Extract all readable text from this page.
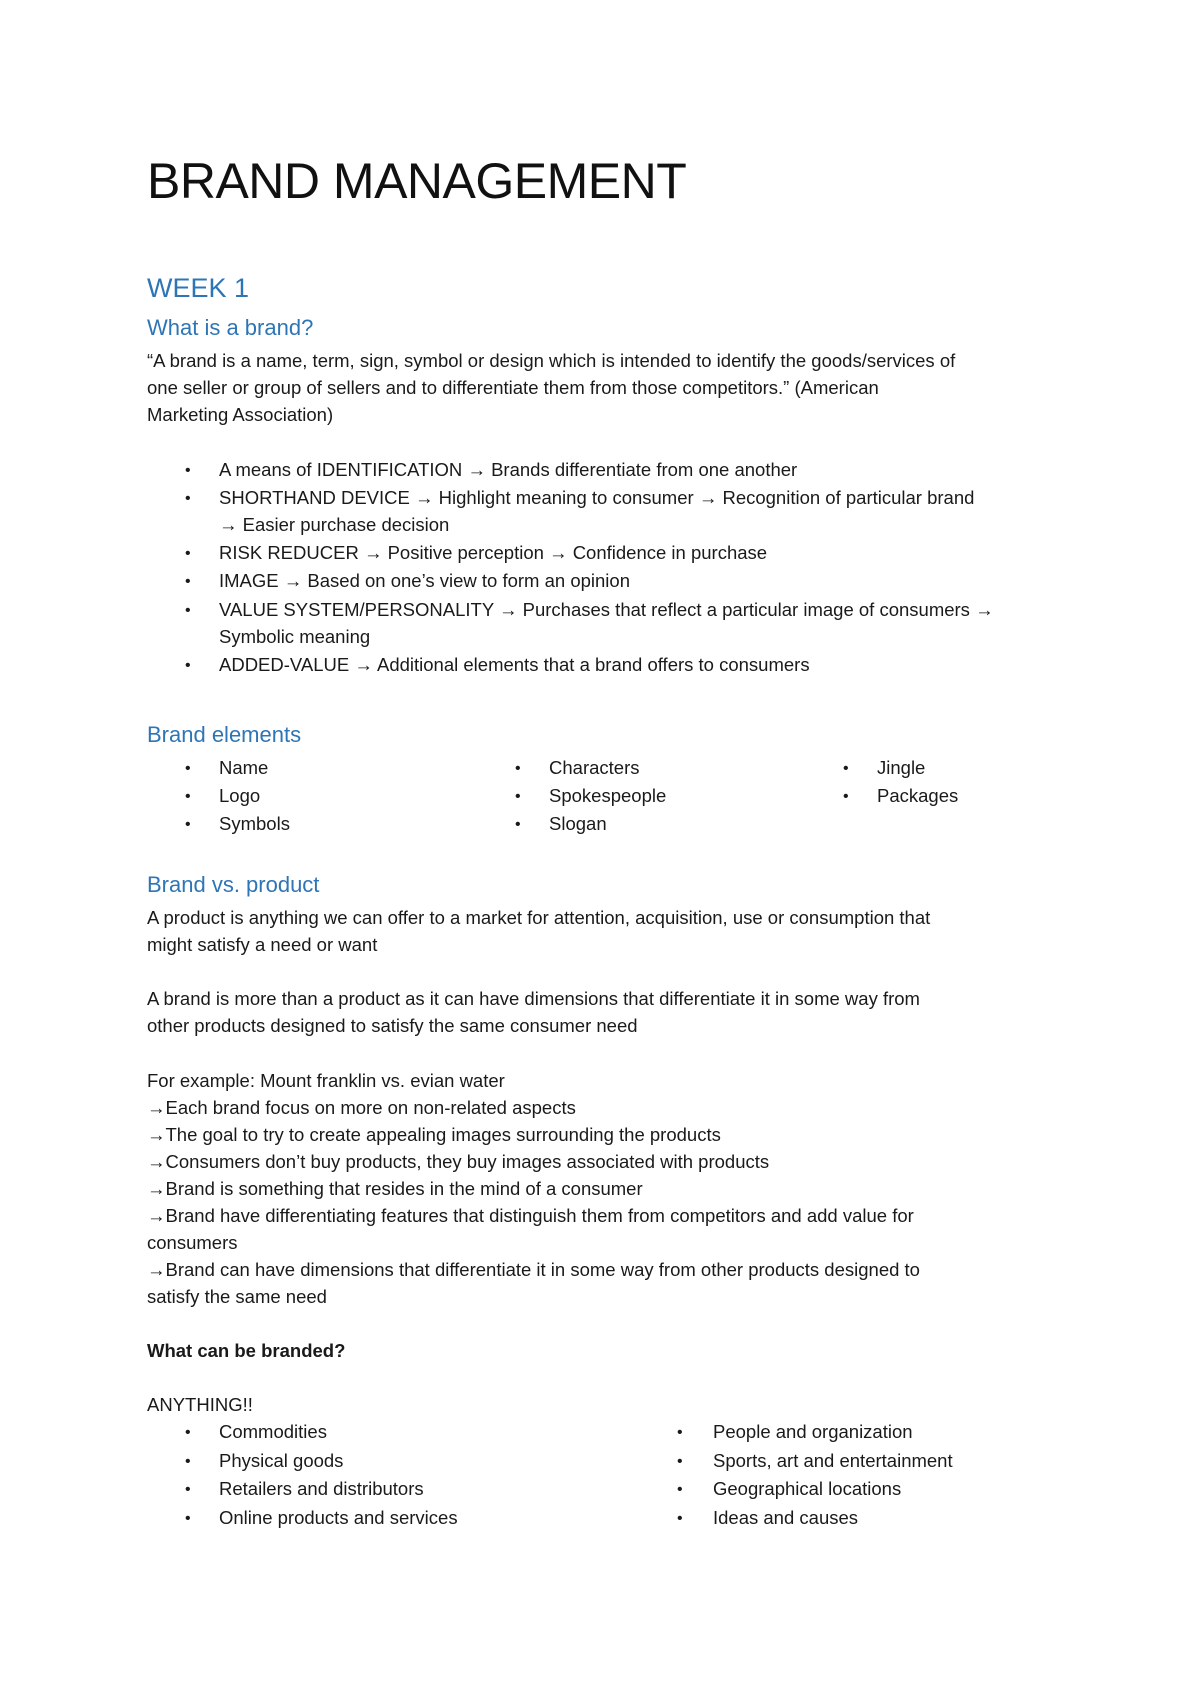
BRAND MANAGEMENT
WEEK 1
What is a brand?
“A brand is a name, term, sign, symbol or design which is intended to identify the goods/services of
one seller or group of sellers and to differentiate them from those competitors.” (American
Marketing Association)
• A means of IDENTIFICATION → Brands differentiate from one another
• SHORTHAND DEVICE → Highlight meaning to consumer → Recognition of particular brand
→ Easier purchase decision
• RISK REDUCER → Positive perception → Confidence in purchase
• IMAGE → Based on one’s view to form an opinion
• VALUE SYSTEM/PERSONALITY → Purchases that reflect a particular image of consumers →
Symbolic meaning
• ADDED-VALUE → Additional elements that a brand offers to consumers
Brand elements
• Name
• Logo
• Symbols
• Characters
• Spokespeople
• Slogan
• Jingle
• Packages
Brand vs. product
A product is anything we can offer to a market for attention, acquisition, use or consumption that
might satisfy a need or want
A brand is more than a product as it can have dimensions that differentiate it in some way from
other products designed to satisfy the same consumer need
For example: Mount franklin vs. evian water
→Each brand focus on more on non-related aspects
→The goal to try to create appealing images surrounding the products
→Consumers don’t buy products, they buy images associated with products
→Brand is something that resides in the mind of a consumer
→Brand have differentiating features that distinguish them from competitors and add value for
consumers
→Brand can have dimensions that differentiate it in some way from other products designed to
satisfy the same need
What can be branded?
ANYTHING!!
• Commodities
• Physical goods
• Retailers and distributors
• Online products and services
• People and organization
• Sports, art and entertainment
• Geographical locations
• Ideas and causes
